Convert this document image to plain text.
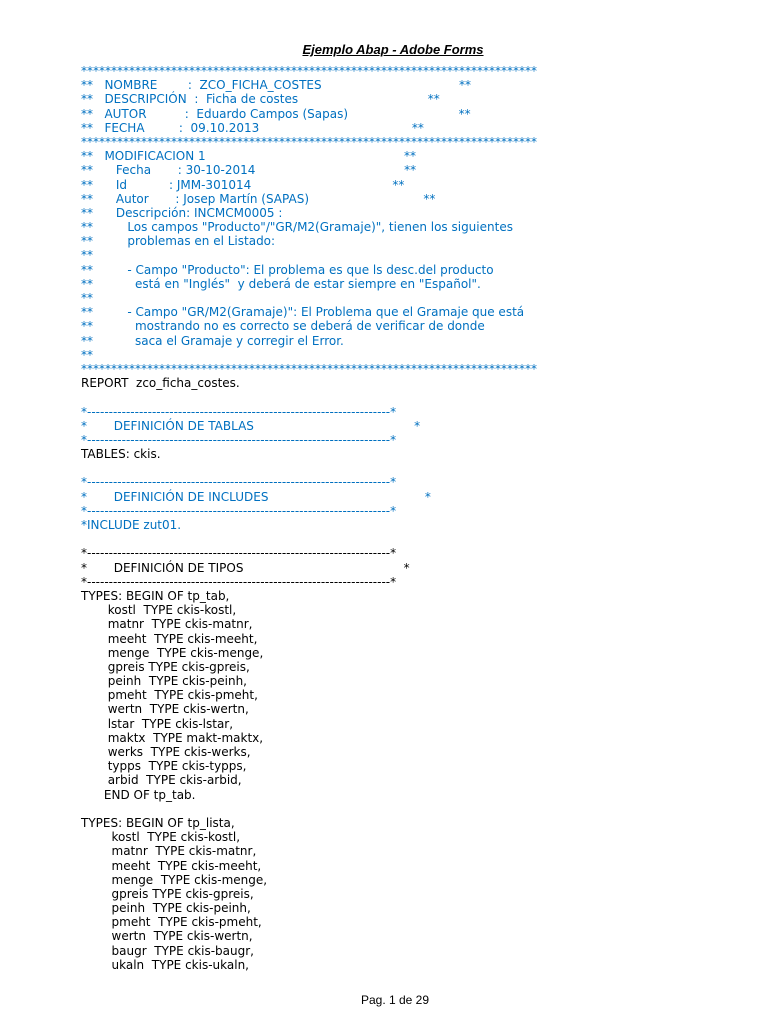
Ejemplo Abap - Adobe Forms
****************************************************************************
**   NOMBRE        :  ZCO_FICHA_COSTES                                    **
**   DESCRIPCIÓN  :  Ficha de costes                                  **
**   AUTOR          :  Eduardo Campos (Sapas)                             **
**   FECHA         :  09.10.2013                                        **
****************************************************************************
**   MODIFICACION 1                                                    **
**      Fecha       : 30-10-2014                                       **
**      Id           : JMM-301014                                     **
**      Autor       : Josep Martín (SAPAS)                              **
**      Descripción: INCMCM0005 :
**         Los campos "Producto"/"GR/M2(Gramaje)", tienen los siguientes
**         problemas en el Listado:
**
**         - Campo "Producto": El problema es que ls desc.del producto
**           está en "Inglés"  y deberá de estar siempre en "Español".
**
**         - Campo "GR/M2(Gramaje)": El Problema que el Gramaje que está
**           mostrando no es correcto se deberá de verificar de donde
**           saca el Gramaje y corregir el Error.
**
****************************************************************************
REPORT  zco_ficha_costes.
*----------------------------------------------------------------------*
*       DEFINICIÓN DE TABLAS                                          *
*----------------------------------------------------------------------*
TABLES: ckis.
*----------------------------------------------------------------------*
*       DEFINICIÓN DE INCLUDES                                         *
*----------------------------------------------------------------------*
*INCLUDE zut01.
*----------------------------------------------------------------------*
*       DEFINICIÓN DE TIPOS                                          *
*----------------------------------------------------------------------*
TYPES: BEGIN OF tp_tab,
kostl  TYPE ckis-kostl,
matnr  TYPE ckis-matnr,
meeht  TYPE ckis-meeht,
menge  TYPE ckis-menge,
gpreis TYPE ckis-gpreis,
peinh  TYPE ckis-peinh,
pmeht  TYPE ckis-pmeht,
wertn  TYPE ckis-wertn,
lstar  TYPE ckis-lstar,
maktx  TYPE makt-maktx,
werks  TYPE ckis-werks,
typps  TYPE ckis-typps,
arbid  TYPE ckis-arbid,
END OF tp_tab.
TYPES: BEGIN OF tp_lista,
kostl  TYPE ckis-kostl,
matnr  TYPE ckis-matnr,
meeht  TYPE ckis-meeht,
menge  TYPE ckis-menge,
gpreis TYPE ckis-gpreis,
peinh  TYPE ckis-peinh,
pmeht  TYPE ckis-pmeht,
wertn  TYPE ckis-wertn,
baugr  TYPE ckis-baugr,
ukaln  TYPE ckis-ukaln,
Pag. 1 de 29
